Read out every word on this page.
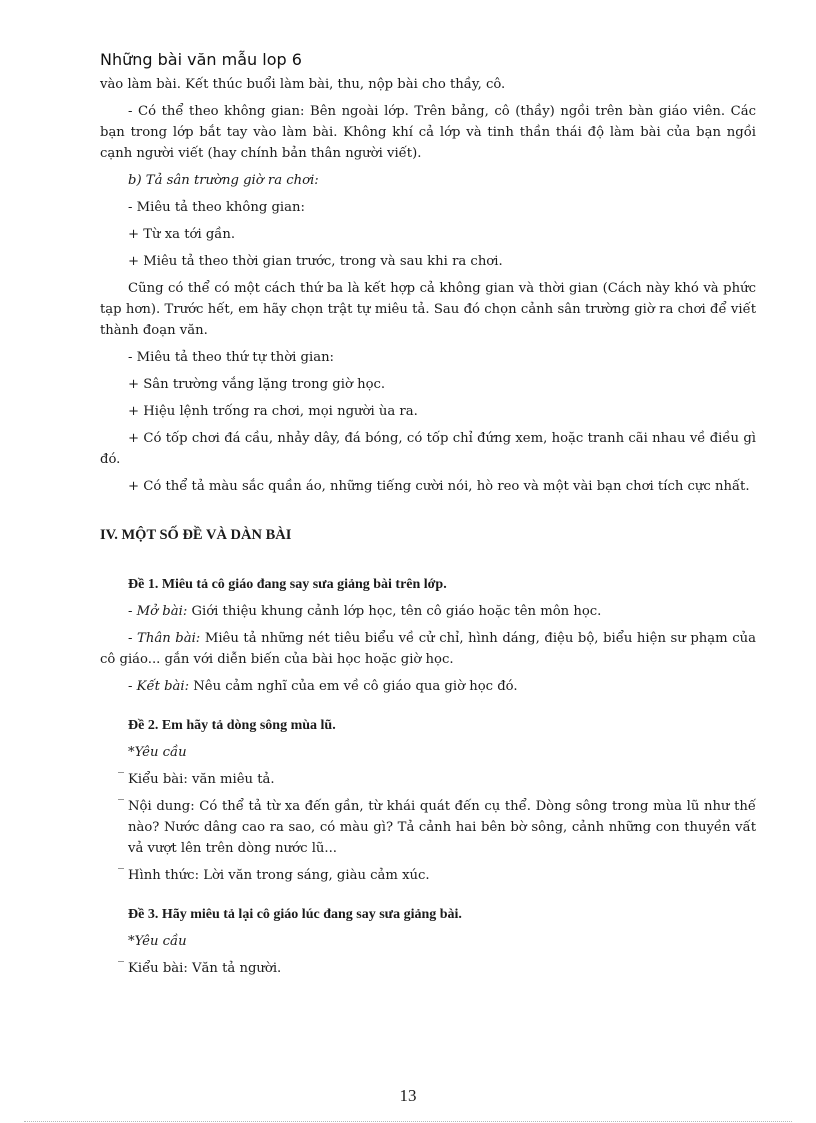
Những bài văn mẫu lop 6

vào làm bài. Kết thúc buổi làm bài, thu, nộp bài cho thầy, cô.

- Có thể theo không gian: Bên ngoài lớp. Trên bảng, cô (thầy) ngồi trên bàn giáo viên. Các bạn trong lớp bắt tay vào làm bài. Không khí cả lớp và tinh thần thái độ làm bài của bạn ngồi cạnh người viết (hay chính bản thân người viết).

b) Tả sân trường giờ ra chơi:

- Miêu tả theo không gian:

+ Từ xa tới gần.

+ Miêu tả theo thời gian trước, trong và sau khi ra chơi.

Cũng có thể có một cách thứ ba là kết hợp cả không gian và thời gian (Cách này khó và phức tạp hơn). Trước hết, em hãy chọn trật tự miêu tả. Sau đó chọn cảnh sân trường giờ ra chơi để viết thành đoạn văn.

- Miêu tả theo thứ tự thời gian:

+ Sân trường vắng lặng trong giờ học.

+ Hiệu lệnh trống ra chơi, mọi người ùa ra.

+ Có tốp chơi đá cầu, nhảy dây, đá bóng, có tốp chỉ đứng xem, hoặc tranh cãi nhau về điều gì đó.

+ Có thể tả màu sắc quần áo, những tiếng cười nói, hò reo và một vài bạn chơi tích cực nhất.

IV. MỘT SỐ ĐỀ VÀ DÀN BÀI

Đề 1. Miêu tả cô giáo đang say sưa giảng bài trên lớp.

- Mở bài: Giới thiệu khung cảnh lớp học, tên cô giáo hoặc tên môn học.

- Thân bài: Miêu tả những nét tiêu biểu về cử chỉ, hình dáng, điệu bộ, biểu hiện sư phạm của cô giáo... gắn với diễn biến của bài học hoặc giờ học.

- Kết bài: Nêu cảm nghĩ của em về cô giáo qua giờ học đó.

Đề 2. Em hãy tả dòng sông mùa lũ.

*Yêu cầu

‾ Kiểu bài: văn miêu tả.

‾ Nội dung: Có thể tả từ xa đến gần, từ khái quát đến cụ thể. Dòng sông trong mùa lũ như thế nào? Nước dâng cao ra sao, có màu gì? Tả cảnh hai bên bờ sông, cảnh những con thuyền vất vả vượt lên trên dòng nước lũ...

‾ Hình thức: Lời văn trong sáng, giàu cảm xúc.

Đề 3. Hãy miêu tả lại cô giáo lúc đang say sưa giảng bài.

*Yêu cầu

‾ Kiểu bài: Văn tả người.

13
